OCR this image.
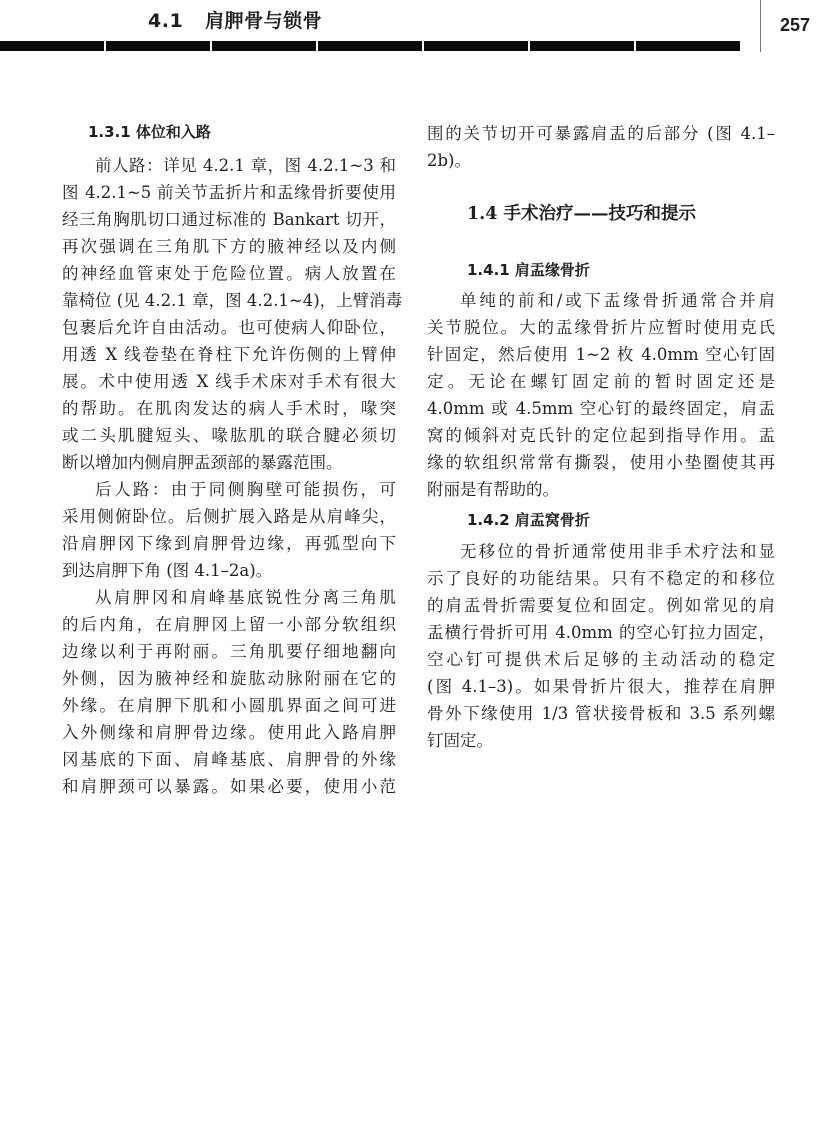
4.1 肩胛骨与锁骨	257
1.3.1 体位和入路
前人路：详见 4.2.1 章，图 4.2.1~3 和
图 4.2.1~5 前关节盂折片和盂缘骨折要使用
经三角胸肌切口通过标准的 Bankart 切开，
再次强调在三角肌下方的腋神经以及内侧
的神经血管束处于危险位置。病人放置在
靠椅位 (见 4.2.1 章，图 4.2.1~4)，上臂消毒
包裹后允许自由活动。也可使病人仰卧位，
用透 X 线卷垫在脊柱下允许伤侧的上臂伸
展。术中使用透 X 线手术床对手术有很大
的帮助。在肌肉发达的病人手术时，喙突
或二头肌腱短头、喙肱肌的联合腱必须切
断以增加内侧肩胛盂颈部的暴露范围。
后人路：由于同侧胸壁可能损伤，可
采用侧俯卧位。后侧扩展入路是从肩峰尖，
沿肩胛冈下缘到肩胛骨边缘，再弧型向下
到达肩胛下角 (图 4.1–2a)。
从肩胛冈和肩峰基底锐性分离三角肌
的后内角，在肩胛冈上留一小部分软组织
边缘以利于再附丽。三角肌要仔细地翻向
外侧，因为腋神经和旋肱动脉附丽在它的
外缘。在肩胛下肌和小圆肌界面之间可进
入外侧缘和肩胛骨边缘。使用此入路肩胛
冈基底的下面、肩峰基底、肩胛骨的外缘
和肩胛颈可以暴露。如果必要，使用小范
围的关节切开可暴露肩盂的后部分 (图 4.1–
2b)。
1.4 手术治疗——技巧和提示
1.4.1 肩盂缘骨折
单纯的前和/或下盂缘骨折通常合并肩
关节脱位。大的盂缘骨折片应暂时使用克氏
针固定，然后使用 1~2 枚 4.0mm 空心钉固
定。无论在螺钉固定前的暂时固定还是
4.0mm 或 4.5mm 空心钉的最终固定，肩盂
窝的倾斜对克氏针的定位起到指导作用。盂
缘的软组织常常有撕裂，使用小垫圈使其再
附丽是有帮助的。
1.4.2 肩盂窝骨折
无移位的骨折通常使用非手术疗法和显
示了良好的功能结果。只有不稳定的和移位
的肩盂骨折需要复位和固定。例如常见的肩
盂横行骨折可用 4.0mm 的空心钉拉力固定，
空心钉可提供术后足够的主动活动的稳定
(图 4.1–3)。如果骨折片很大，推荐在肩胛
骨外下缘使用 1/3 管状接骨板和 3.5 系列螺
钉固定。
